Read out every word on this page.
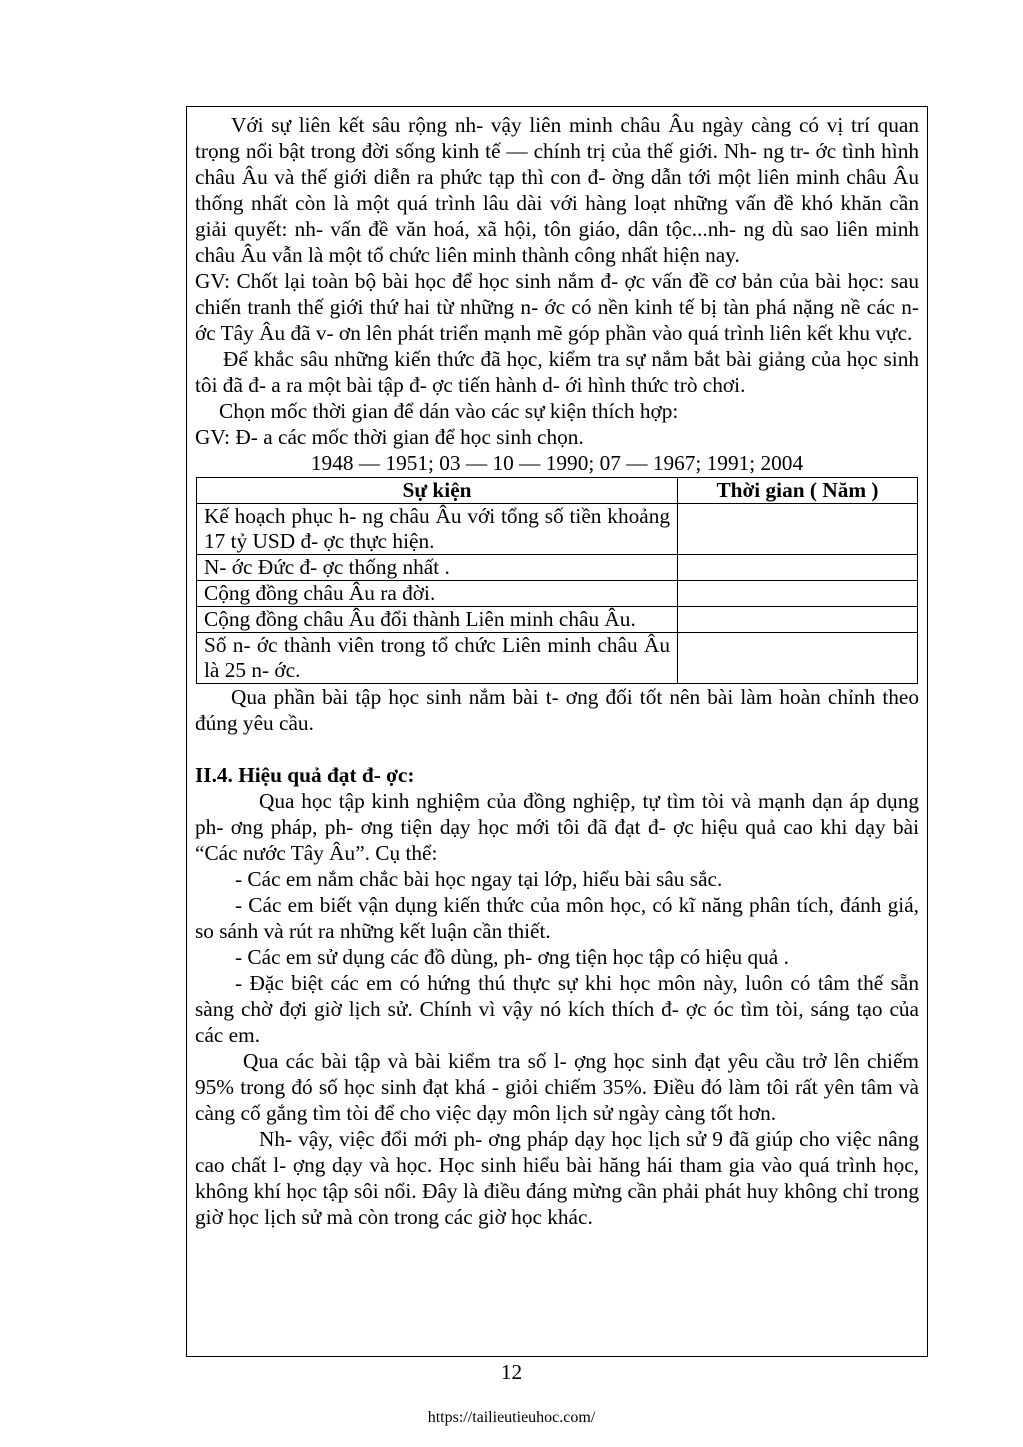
Với sự liên kết sâu rộng nh- vậy liên minh châu Âu ngày càng có vị trí quan trọng nổi bật trong đời sống kinh tế — chính trị của thế giới. Nh- ng tr- ớc tình hình châu Âu và thế giới diễn ra phức tạp thì con đ- ờng dẫn tới một liên minh châu Âu thống nhất còn là một quá trình lâu dài với hàng loạt những vấn đề khó khăn cần giải quyết: nh- vấn đề văn hoá, xã hội, tôn giáo, dân tộc...nh- ng dù sao liên minh châu Âu vẫn là một tổ chức liên minh thành công nhất hiện nay.

GV: Chốt lại toàn bộ bài học để học sinh nắm đ- ợc vấn đề cơ bản của bài học: sau chiến tranh thế giới thứ hai từ những n- ớc có nền kinh tế bị tàn phá nặng nề các n- ớc Tây Âu đã v- ơn lên phát triển mạnh mẽ góp phần vào quá trình liên kết khu vực.

Để khắc sâu những kiến thức đã học, kiểm tra sự nắm bắt bài giảng của học sinh tôi đã đ- a ra một bài tập đ- ợc tiến hành d- ới hình thức trò chơi.

Chọn mốc thời gian để dán vào các sự kiện thích hợp:

GV: Đ- a các mốc thời gian để học sinh chọn.

1948 — 1951; 03 — 10 — 1990; 07 — 1967; 1991; 2004

Sự kiện	Thời gian ( Năm )
Kế hoạch phục h- ng châu Âu với tổng số tiền khoảng 17 tỷ USD đ- ợc thực hiện.	
N- ớc Đức đ- ợc thống nhất .	
Cộng đồng châu Âu ra đời.	
Cộng đồng châu Âu đổi thành Liên minh châu Âu.	
Số n- ớc thành viên trong tổ chức Liên minh châu Âu là 25 n- ớc.	

Qua phần bài tập học sinh nắm bài t- ơng đối tốt nên bài làm hoàn chỉnh theo đúng yêu cầu.

II.4. Hiệu quả đạt đ- ợc:

Qua học tập kinh nghiệm của đồng nghiệp, tự tìm tòi và mạnh dạn áp dụng ph- ơng pháp, ph- ơng tiện dạy học mới tôi đã đạt đ- ợc hiệu quả cao khi dạy bài “Các nước Tây Âu”. Cụ thể:

- Các em nắm chắc bài học ngay tại lớp, hiểu bài sâu sắc.

- Các em biết vận dụng kiến thức của môn học, có kĩ năng phân tích, đánh giá, so sánh và rút ra những kết luận cần thiết.

- Các em sử dụng các đồ dùng, ph- ơng tiện học tập có hiệu quả .

- Đặc biệt các em có hứng thú thực sự khi học môn này, luôn có tâm thế sẵn sàng chờ đợi giờ lịch sử. Chính vì vậy nó kích thích đ- ợc óc tìm tòi, sáng tạo của các em.

Qua các bài tập và bài kiểm tra số l- ợng học sinh đạt yêu cầu trở lên chiếm 95% trong đó số học sinh đạt khá - giỏi chiếm 35%. Điều đó làm tôi rất yên tâm và càng cố gắng tìm tòi để cho việc dạy môn lịch sử ngày càng tốt hơn.

Nh- vậy, việc đổi mới ph- ơng pháp dạy học lịch sử 9 đã giúp cho việc nâng cao chất l- ợng dạy và học. Học sinh hiểu bài hăng hái tham gia vào quá trình học, không khí học tập sôi nổi. Đây là điều đáng mừng cần phải phát huy không chỉ trong giờ học lịch sử mà còn trong các giờ học khác.

12
https://tailieutieuhoc.com/
